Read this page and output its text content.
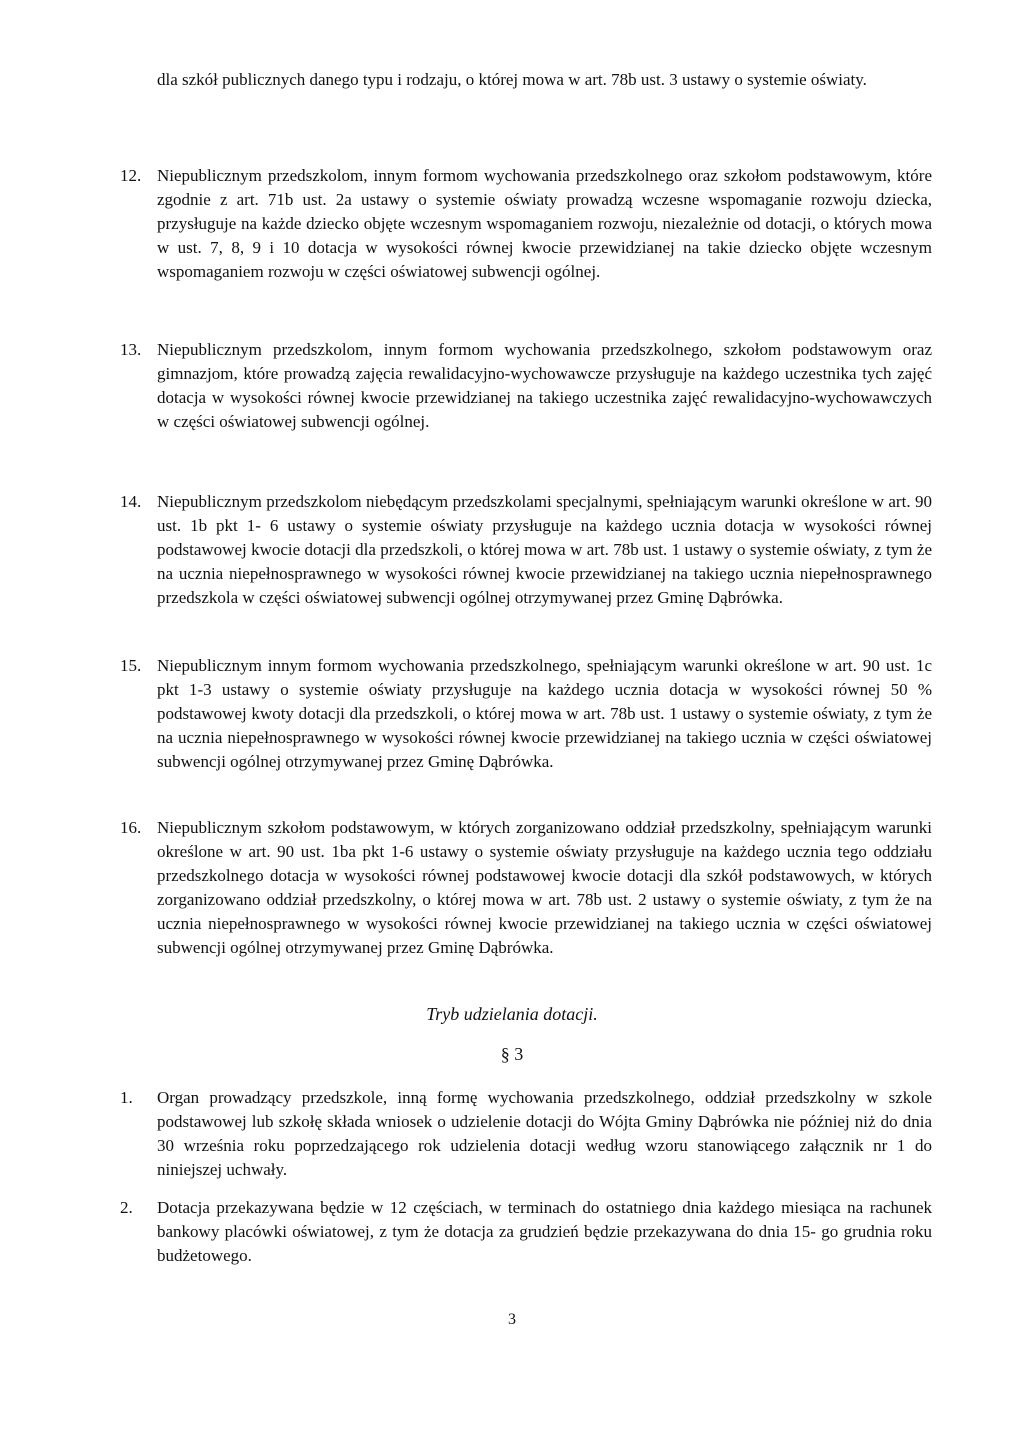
dla szkół publicznych danego typu i rodzaju, o której mowa w art. 78b ust. 3 ustawy o systemie oświaty.
12. Niepublicznym przedszkolom, innym formom wychowania przedszkolnego oraz szkołom podstawowym, które zgodnie z art. 71b ust. 2a ustawy o systemie oświaty prowadzą wczesne wspomaganie rozwoju dziecka, przysługuje na każde dziecko objęte wczesnym wspomaganiem rozwoju, niezależnie od dotacji, o których mowa w ust. 7, 8, 9 i 10 dotacja w wysokości równej kwocie przewidzianej na takie dziecko objęte wczesnym wspomaganiem rozwoju w części oświatowej subwencji ogólnej.
13. Niepublicznym przedszkolom, innym formom wychowania przedszkolnego, szkołom podstawowym oraz gimnazjom, które prowadzą zajęcia rewalidacyjno-wychowawcze przysługuje na każdego uczestnika tych zajęć dotacja w wysokości równej kwocie przewidzianej na takiego uczestnika zajęć rewalidacyjno-wychowawczych w części oświatowej subwencji ogólnej.
14. Niepublicznym przedszkolom niebędącym przedszkolami specjalnymi, spełniającym warunki określone w art. 90 ust. 1b pkt 1- 6 ustawy o systemie oświaty przysługuje na każdego ucznia dotacja w wysokości równej podstawowej kwocie dotacji dla przedszkoli, o której mowa w art. 78b ust. 1 ustawy o systemie oświaty, z tym że na ucznia niepełnosprawnego w wysokości równej kwocie przewidzianej na takiego ucznia niepełnosprawnego przedszkola w części oświatowej subwencji ogólnej otrzymywanej przez Gminę Dąbrówka.
15. Niepublicznym innym formom wychowania przedszkolnego, spełniającym warunki określone w art. 90 ust. 1c pkt 1-3 ustawy o systemie oświaty przysługuje na każdego ucznia dotacja w wysokości równej 50 % podstawowej kwoty dotacji dla przedszkoli, o której mowa w art. 78b ust. 1 ustawy o systemie oświaty, z tym że na ucznia niepełnosprawnego w wysokości równej kwocie przewidzianej na takiego ucznia w części oświatowej subwencji ogólnej otrzymywanej przez Gminę Dąbrówka.
16. Niepublicznym szkołom podstawowym, w których zorganizowano oddział przedszkolny, spełniającym warunki określone w art. 90 ust. 1ba pkt 1-6 ustawy o systemie oświaty przysługuje na każdego ucznia tego oddziału przedszkolnego dotacja w wysokości równej podstawowej kwocie dotacji dla szkół podstawowych, w których zorganizowano oddział przedszkolny, o której mowa w art. 78b ust. 2 ustawy o systemie oświaty, z tym że na ucznia niepełnosprawnego w wysokości równej kwocie przewidzianej na takiego ucznia w części oświatowej subwencji ogólnej otrzymywanej przez Gminę Dąbrówka.
Tryb udzielania dotacji.
§ 3
1.	Organ prowadzący przedszkole, inną formę wychowania przedszkolnego, oddział przedszkolny w szkole podstawowej lub szkołę składa wniosek o udzielenie dotacji do Wójta Gminy Dąbrówka nie później niż do dnia 30 września roku poprzedzającego rok udzielenia dotacji według wzoru stanowiącego załącznik nr 1 do niniejszej uchwały.
2.	Dotacja przekazywana będzie w 12 częściach, w terminach do ostatniego dnia każdego miesiąca na rachunek bankowy placówki oświatowej, z tym że dotacja za grudzień będzie przekazywana do dnia 15- go grudnia roku budżetowego.
3
